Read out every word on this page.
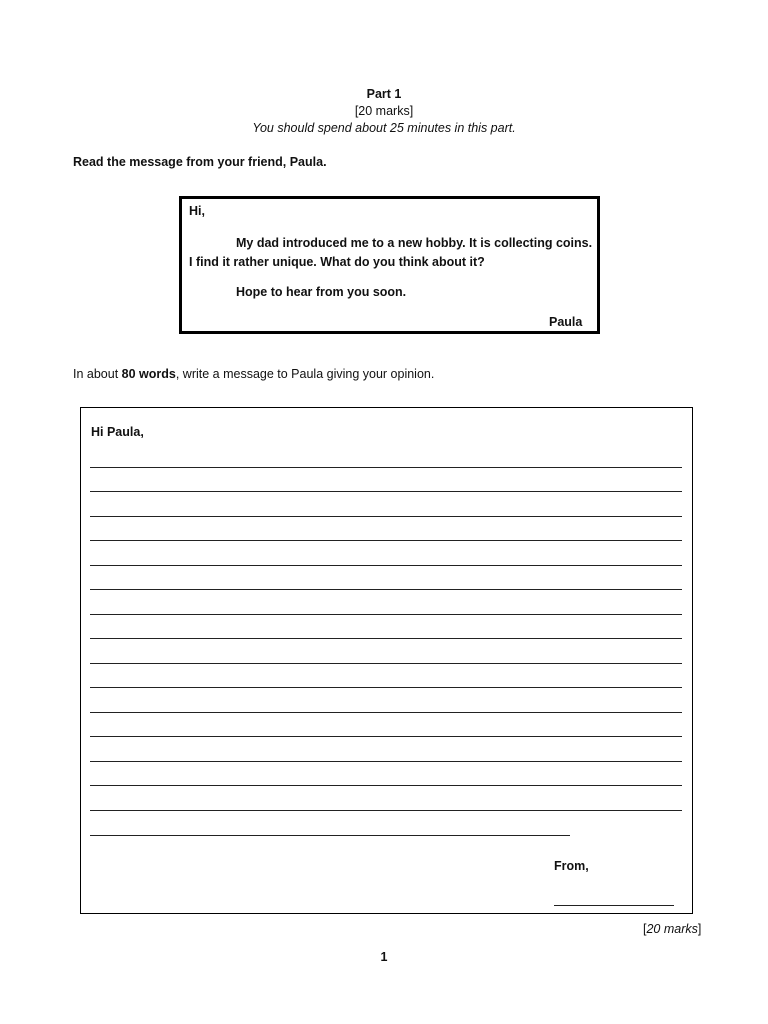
Part 1
[20 marks]
You should spend about 25 minutes in this part.
Read the message from your friend, Paula.
Hi,
My dad introduced me to a new hobby. It is collecting coins. I find it rather unique. What do you think about it?
Hope to hear from you soon.
Paula
In about 80 words, write a message to Paula giving your opinion.
Hi Paula,
From,
[20 marks]
1
